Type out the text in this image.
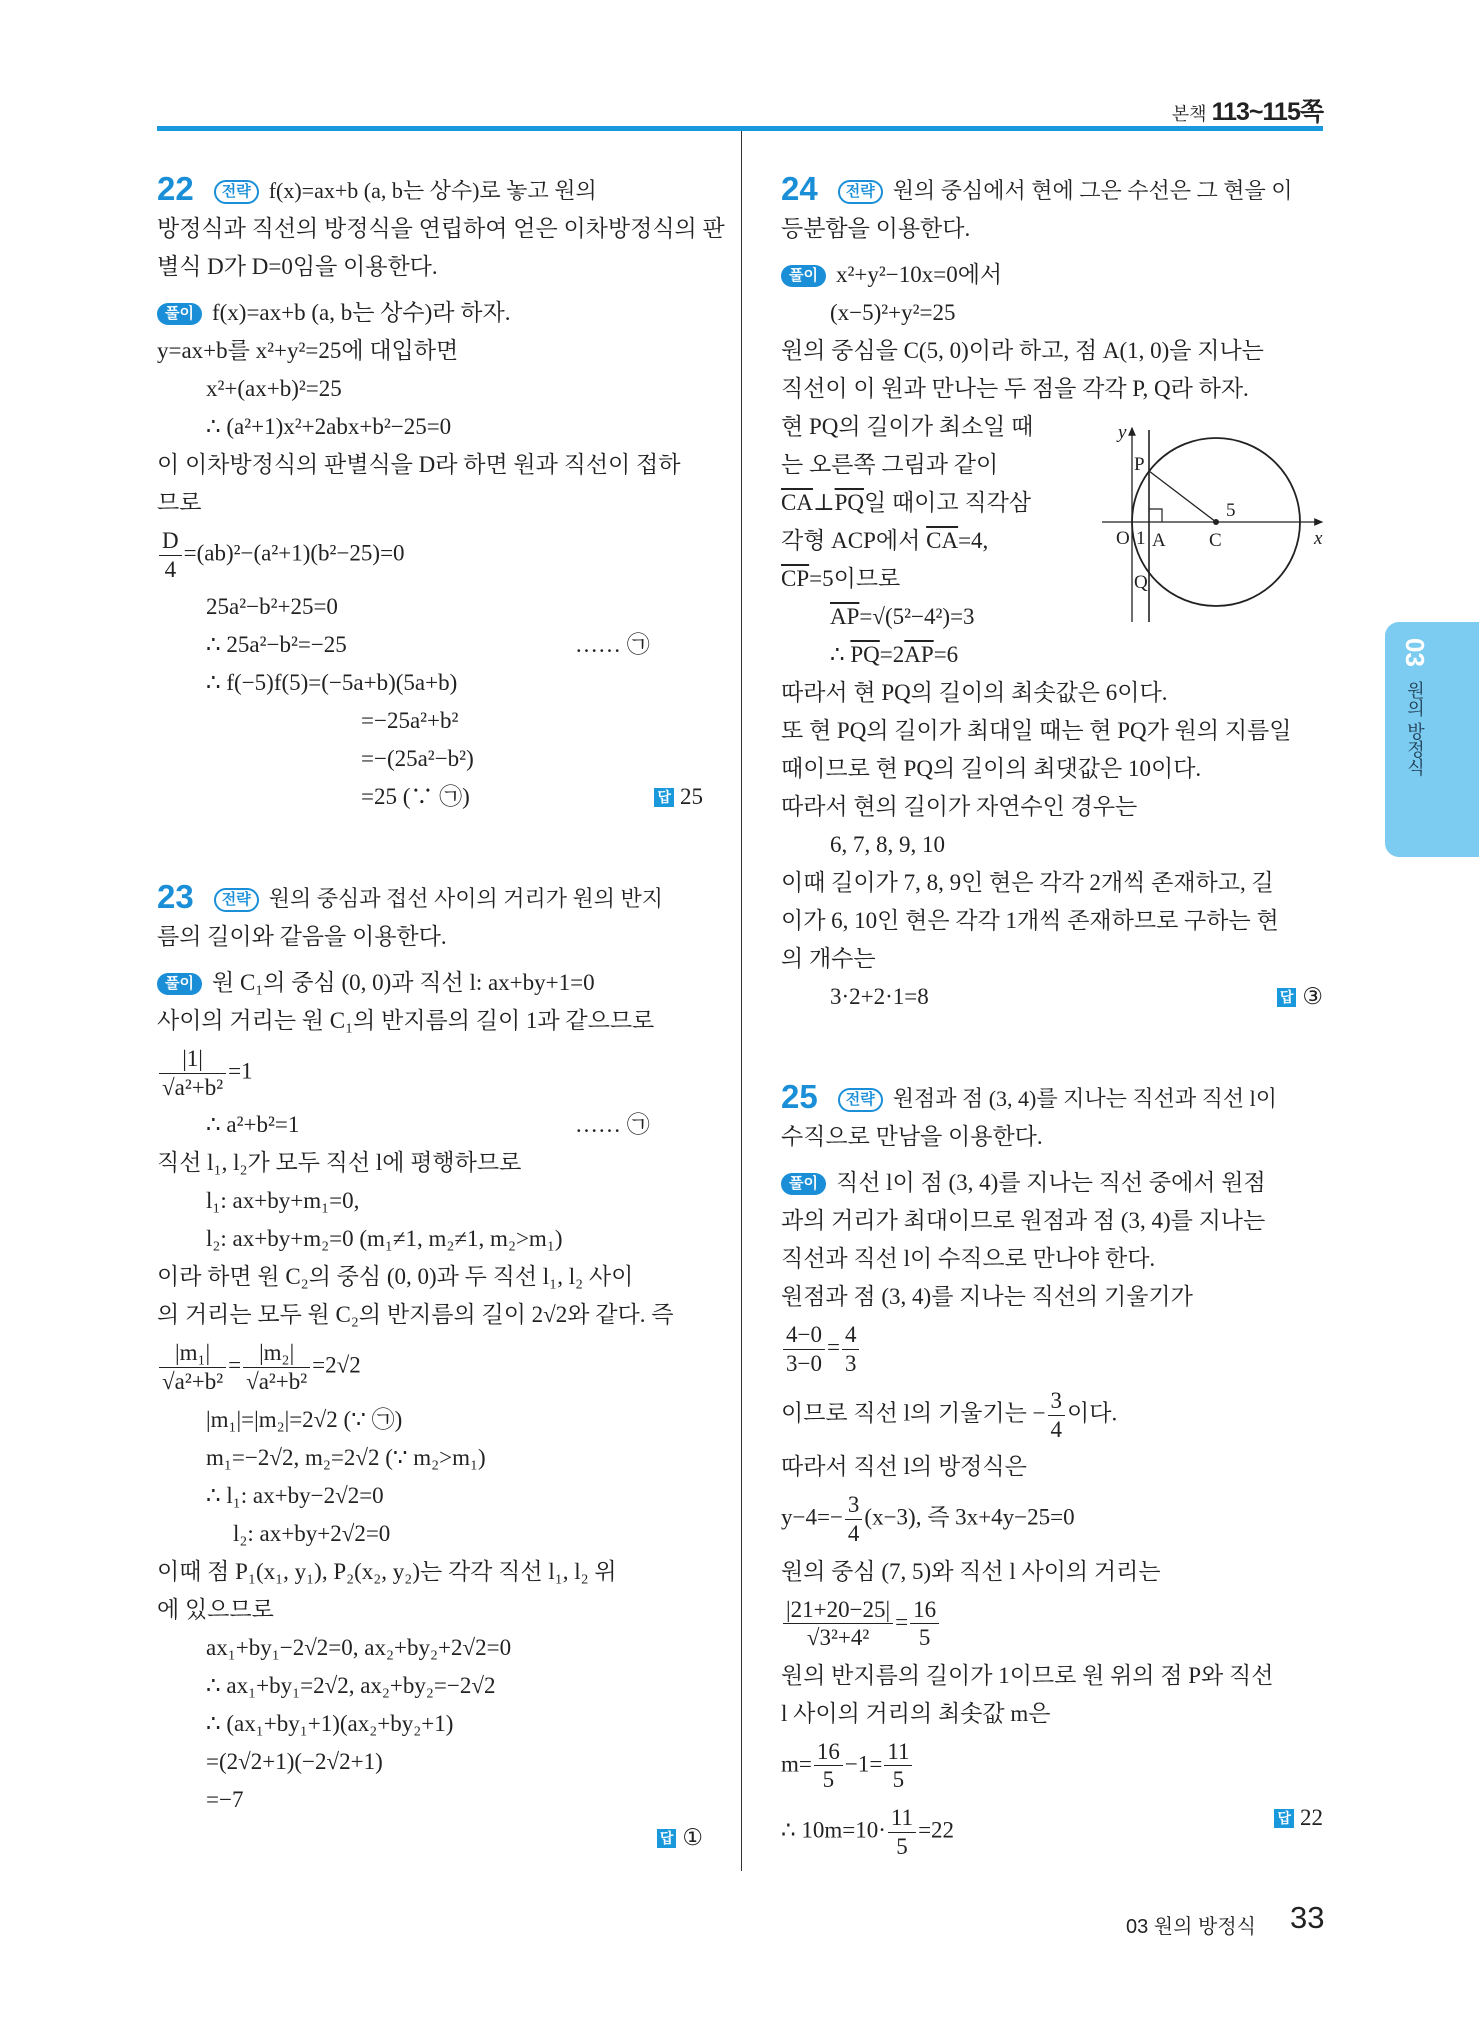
본책 113~115쪽
22 전략 f(x)=ax+b (a, b는 상수)로 놓고 원의
방정식과 직선의 방정식을 연립하여 얻은 이차방정식의 판
별식 D가 D=0임을 이용한다.
풀이 f(x)=ax+b (a, b는 상수)라 하자.
y=ax+b를 x²+y²=25에 대입하면
x²+(ax+b)²=25
∴ (a²+1)x²+2abx+b²−25=0
이 이차방정식의 판별식을 D라 하면 원과 직선이 접하
므로
$\frac{D}{4} =(ab)^2-(a^2+1)(b^2-25)=0$
25a²−b²+25=0
∴ 25a²−b²=−25	…… ㉠
∴ f(−5)f(5)=(−5a+b)(5a+b)
=−25a²+b²
=−(25a²−b²)
=25 (∵ ㉠)	답 25
23 전략 원의 중심과 접선 사이의 거리가 원의 반지
름의 길이와 같음을 이용한다.
풀이 원 C₁의 중심 (0, 0)과 직선 l: ax+by+1=0
사이의 거리는 원 C₁의 반지름의 길이 1과 같으므로
$\frac{|1|}{\text{√a²+b²}} =1$
∴ a²+b²=1	…… ㉠
직선 l₁, l₂가 모두 직선 l에 평행하므로
l₁: ax+by+m₁=0,
l₂: ax+by+m₂=0 (m₁≠1, m₂≠1, m₂>m₁)
이라 하면 원 C₂의 중심 (0, 0)과 두 직선 l₁, l₂ 사이
의 거리는 모두 원 C₂의 반지름의 길이 2√2와 같다. 즉
$\frac{\text{|m₁|}}{\text{√a²+b²}} = \frac{\text{|m₂|}}{\text{√a²+b²}} =2√2$
|m₁|=|m₂|=2√2 (∵ ㉠)
m₁=−2√2, m₂=2√2 (∵ m₂>m₁)
∴ l₁: ax+by−2√2=0
l₂: ax+by+2√2=0
이때 점 P₁(x₁, y₁), P₂(x₂, y₂)는 각각 직선 l₁, l₂ 위
에 있으므로
ax₁+by₁−2√2=0, ax₂+by₂+2√2=0
∴ ax₁+by₁=2√2, ax₂+by₂=−2√2
∴ (ax₁+by₁+1)(ax₂+by₂+1)
=(2√2+1)(−2√2+1)
=−7
답 ①
24 전략 원의 중심에서 현에 그은 수선은 그 현을 이
등분함을 이용한다.
풀이 x²+y²−10x=0에서
(x−5)²+y²=25
원의 중심을 C(5, 0)이라 하고, 점 A(1, 0)을 지나는
직선이 이 원과 만나는 두 점을 각각 P, Q라 하자.
현 PQ의 길이가 최소일 때
는 오른쪽 그림과 같이
$\overline{CA}\perp\overline{PQ}$일 때이고 직각삼
각형 ACP에서 $\overline{CA}=4$,
$\overline{CP}=5$이므로
$\overline{AP}=√(5^2-4^2)=3$
∴ $\overline{PQ}=2\overline{AP}=6$
따라서 현 PQ의 길이의 최솟값은 6이다.
또 현 PQ의 길이가 최대일 때는 현 PQ가 원의 지름일
때이므로 현 PQ의 길이의 최댓값은 10이다.
따라서 현의 길이가 자연수인 경우는
6, 7, 8, 9, 10
이때 길이가 7, 8, 9인 현은 각각 2개씩 존재하고, 길
이가 6, 10인 현은 각각 1개씩 존재하므로 구하는 현
의 개수는
3·2+2·1=8	답 ③
25 전략 원점과 점 (3, 4)를 지나는 직선과 직선 l이
수직으로 만남을 이용한다.
풀이 직선 l이 점 (3, 4)를 지나는 직선 중에서 원점
과의 거리가 최대이므로 원점과 점 (3, 4)를 지나는
직선과 직선 l이 수직으로 만나야 한다.
원점과 점 (3, 4)를 지나는 직선의 기울기가
$\frac{4-0}{3-0} = \frac{4}{3}$
이므로 직선 l의 기울기는 − $\frac{3}{4}$ 이다.
따라서 직선 l의 방정식은
$y-4=- \frac{3}{4} (x-3)$, 즉 3x+4y−25=0
원의 중심 (7, 5)와 직선 l 사이의 거리는
$\frac{|21+20-25|}{\text{√3²+4²}} = \frac{16}{5}$
원의 반지름의 길이가 1이므로 원 위의 점 P와 직선
l 사이의 거리의 최솟값 m은
$m= \frac{16}{5} -1= \frac{11}{5}$
∴ $10m=10\cdot \frac{11}{5} =22$	답 22
y
x
O 1 A C
5
P
Q
03 원의 방정식
03 원의 방정식 33
